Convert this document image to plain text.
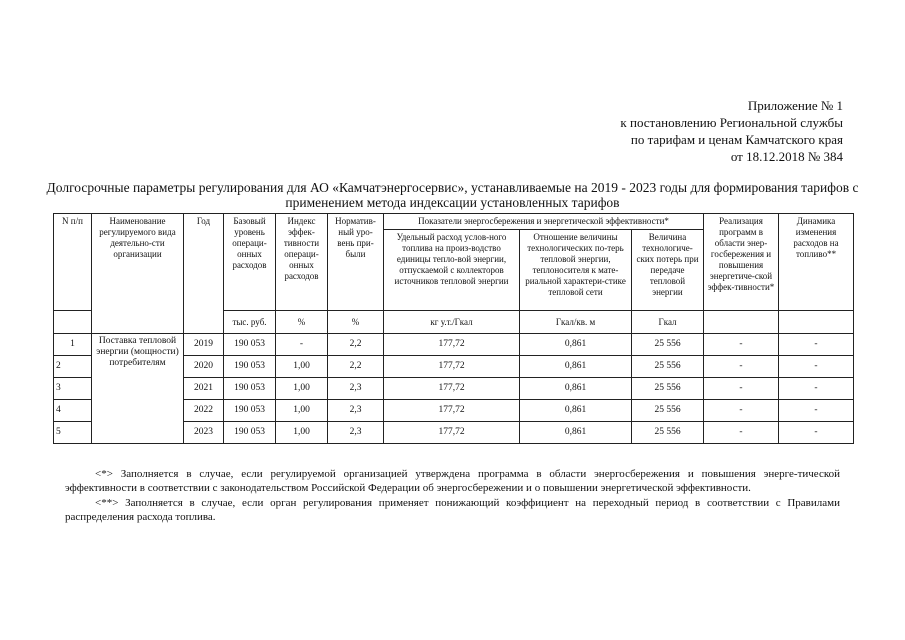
Приложение № 1
к постановлению Региональной службы
по тарифам и ценам Камчатского края
от 18.12.2018 № 384
Долгосрочные параметры регулирования для АО «Камчатэнергосервис», устанавливаемые на 2019 - 2023 годы для формирования тарифов с применением метода индексации установленных тарифов
N п/п	Наименование регулируемого вида деятельно-сти организации	Год	Базовый уровень операци-онных расходов	Индекс эффек-тивности операци-онных расходов	Норматив-ный уро-вень при-были	Показатели энергосбережения и энергетической эффективности*			Реализация программ в области энер-госбережения и повышения энергетиче-ской эффек-тивности*	Динамика изменения расходов на топливо**
						Удельный расход услов-ного топлива на произ-водство единицы тепло-вой энергии, отпускаемой с коллекторов источников тепловой энергии	Отношение величины технологических по-терь тепловой энергии, теплоносителя к мате-риальной характери-стике тепловой сети	Величина технологиче-ских потерь при передаче тепловой энергии		
			тыс. руб.	%	%	кг у.т./Гкал	Гкал/кв. м	Гкал		
1	Поставка тепловой энергии (мощности) потребителям	2019	190 053	-	2,2	177,72	0,861	25 556	-	-
2		2020	190 053	1,00	2,2	177,72	0,861	25 556	-	-
3		2021	190 053	1,00	2,3	177,72	0,861	25 556	-	-
4		2022	190 053	1,00	2,3	177,72	0,861	25 556	-	-
5		2023	190 053	1,00	2,3	177,72	0,861	25 556	-	-

<*> Заполняется в случае, если регулируемой организацией утверждена программа в области энергосбережения и повышения энерге-тической эффективности в соответствии с законодательством Российской Федерации об энергосбережении и о повышении энергетической эффективности.

<**> Заполняется в случае, если орган регулирования применяет понижающий коэффициент на переходный период в соответствии с Правилами распределения расхода топлива.
